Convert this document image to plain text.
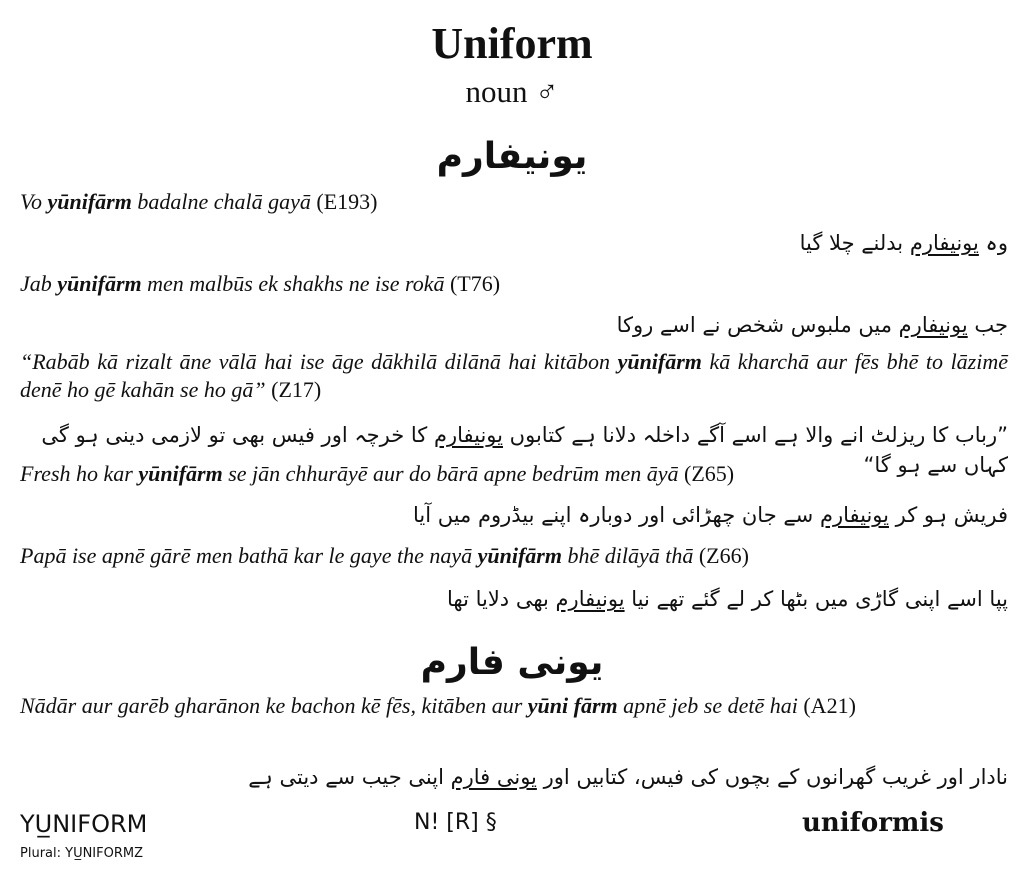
Uniform
noun ♂
یونیفارم
Vo yūnifārm badalne chalā gayā (E193)
وہ یونیفارم بدلنے چلا گیا
Jab yūnifārm men malbūs ek shakhs ne ise rokā (T76)
جب یونیفارم میں ملبوس شخص نے اسے روکا
“Rabāb kā rizalt āne vālā hai ise āge dākhilā dilānā hai kitābon yūnifārm kā kharchā aur fēs bhē to lāzimē denē ho gē kahān se ho gā” (Z17)
”رباب کا ریزلٹ انے والا ہے اسے آگے داخلہ دلانا ہے کتابوں یونیفارم کا خرچہ اور فیس بھی تو لازمی دینی ہو گی کہاں سے ہو گا“
Fresh ho kar yūnifārm se jān chhurāyē aur do bārā apne bedrūm men āyā (Z65)
فریش ہو کر یونیفارم سے جان چھڑائی اور دوبارہ اپنے بیڈروم میں آیا
Papā ise apnē gārē men bathā kar le gaye the nayā yūnifārm bhē dilāyā thā (Z66)
پپا اسے اپنی گاڑی میں بٹھا کر لے گئے تھے نیا یونیفارم بھی دلایا تھا
یونی فارم
Nādār aur garēb gharānon ke bachon kē fēs, kitāben aur yūni fārm apnē jeb se detē hai (A21)
نادار اور غریب گھرانوں کے بچوں کی فیس، کتابیں اور یونی فارم اپنی جیب سے دیتی ہے
YU̲NIFORM
Plural: YU̲NIFORMZ
N! [R] §	uniformis
